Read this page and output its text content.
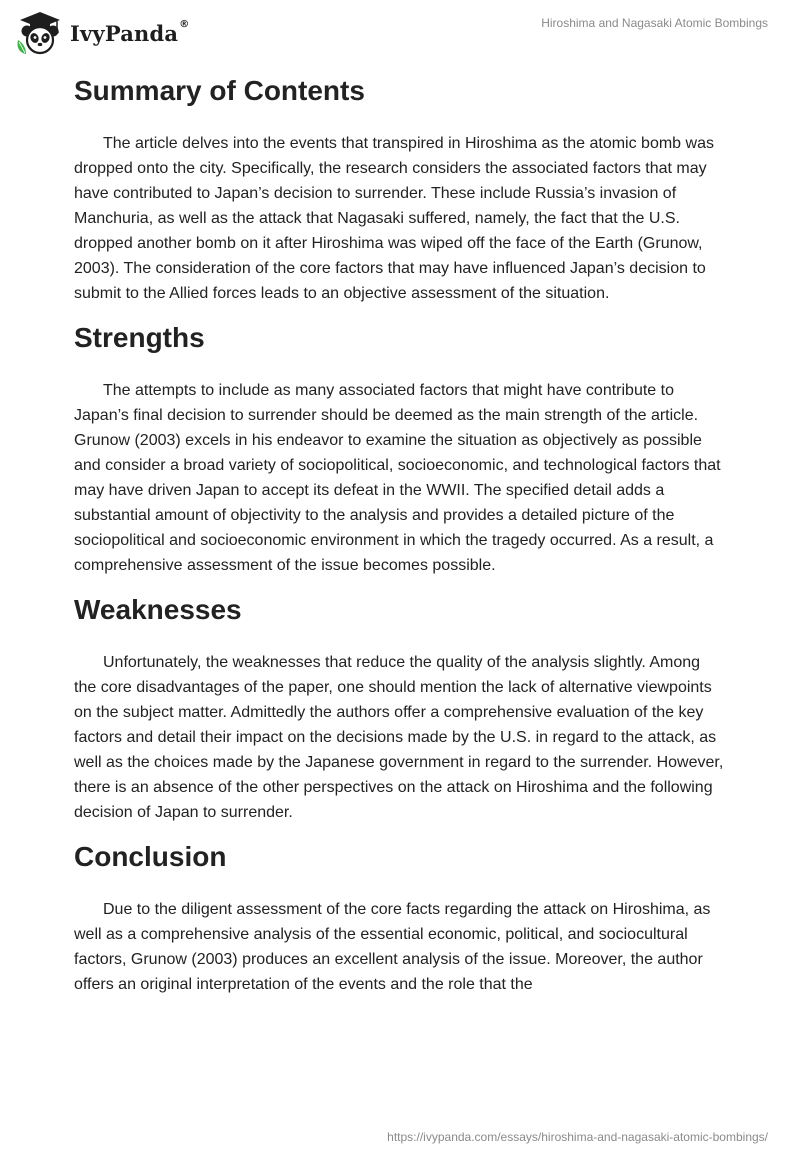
IvyPanda®	Hiroshima and Nagasaki Atomic Bombings
Summary of Contents

The article delves into the events that transpired in Hiroshima as the atomic bomb was dropped onto the city. Specifically, the research considers the associated factors that may have contributed to Japan’s decision to surrender. These include Russia’s invasion of Manchuria, as well as the attack that Nagasaki suffered, namely, the fact that the U.S. dropped another bomb on it after Hiroshima was wiped off the face of the Earth (Grunow, 2003). The consideration of the core factors that may have influenced Japan’s decision to submit to the Allied forces leads to an objective assessment of the situation.

Strengths

The attempts to include as many associated factors that might have contribute to Japan’s final decision to surrender should be deemed as the main strength of the article. Grunow (2003) excels in his endeavor to examine the situation as objectively as possible and consider a broad variety of sociopolitical, socioeconomic, and technological factors that may have driven Japan to accept its defeat in the WWII. The specified detail adds a substantial amount of objectivity to the analysis and provides a detailed picture of the sociopolitical and socioeconomic environment in which the tragedy occurred. As a result, a comprehensive assessment of the issue becomes possible.

Weaknesses

Unfortunately, the weaknesses that reduce the quality of the analysis slightly. Among the core disadvantages of the paper, one should mention the lack of alternative viewpoints on the subject matter. Admittedly the authors offer a comprehensive evaluation of the key factors and detail their impact on the decisions made by the U.S. in regard to the attack, as well as the choices made by the Japanese government in regard to the surrender. However, there is an absence of the other perspectives on the attack on Hiroshima and the following decision of Japan to surrender.

Conclusion

Due to the diligent assessment of the core facts regarding the attack on Hiroshima, as well as a comprehensive analysis of the essential economic, political, and sociocultural factors, Grunow (2003) produces an excellent analysis of the issue. Moreover, the author offers an original interpretation of the events and the role that the

https://ivypanda.com/essays/hiroshima-and-nagasaki-atomic-bombings/
